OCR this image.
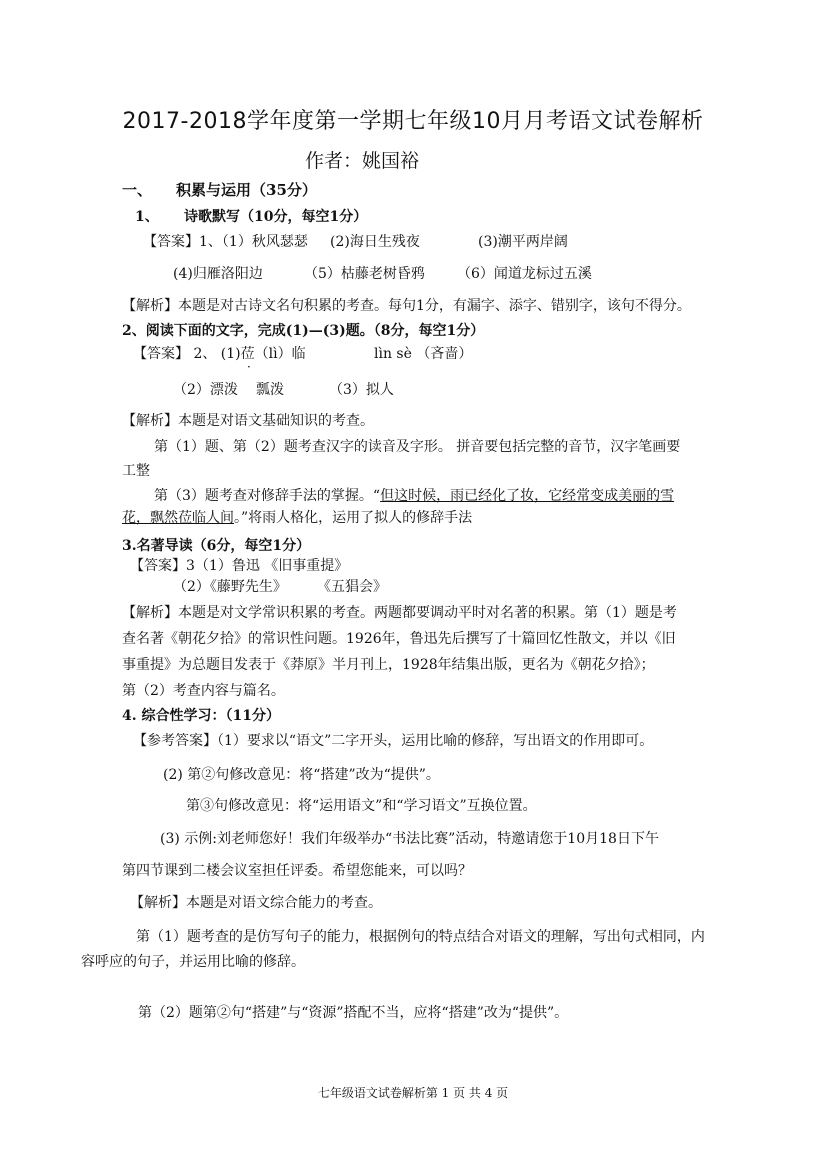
2017-2018学年度第一学期七年级10月月考语文试卷解析
作者：姚国裕
一、 积累与运用（35分）
1、 诗歌默写（10分，每空1分）
【答案】1、（1）秋风瑟瑟 (2)海日生残夜	(3)潮平两岸阔
(4)归雁洛阳边	（5）枯藤老树昏鸦 （6）闻道龙标过五溪
【解析】本题是对古诗文名句积累的考查。每句1分，有漏字、添字、错别字，该句不得分。
2、阅读下面的文字，完成(1)—(3)题。（8分，每空1分）
【答案】 2、 (1)莅（lì）临	lìn sè （吝啬）
（2）漂泼 瓢泼	（3）拟人
【解析】本题是对语文基础知识的考查。
第（1）题、第（2）题考查汉字的读音及字形。 拼音要包括完整的音节，汉字笔画要
工整
第（3）题考查对修辞手法的掌握。“但这时候，雨已经化了妆，它经常变成美丽的雪
花，飘然莅临人间。”将雨人格化，运用了拟人的修辞手法
3.名著导读（6分，每空1分）
【答案】3（1）鲁迅 《旧事重提》
（2）《藤野先生》 《五猖会》
【解析】本题是对文学常识积累的考查。两题都要调动平时对名著的积累。第（1）题是考
查名著《朝花夕拾》的常识性问题。1926年，鲁迅先后撰写了十篇回忆性散文，并以《旧
事重提》为总题目发表于《莽原》半月刊上，1928年结集出版，更名为《朝花夕拾》；
第（2）考查内容与篇名。
4. 综合性学习：（11分）
【参考答案】（1）要求以“语文”二字开头，运用比喻的修辞，写出语文的作用即可。
(2) 第②句修改意见：将“搭建”改为“提供”。
第③句修改意见：将“运用语文”和“学习语文”互换位置。
(3) 示例:刘老师您好！我们年级举办“书法比赛”活动，特邀请您于10月18日下午
第四节课到二楼会议室担任评委。希望您能来，可以吗？
【解析】本题是对语文综合能力的考查。
第（1）题考查的是仿写句子的能力，根据例句的特点结合对语文的理解，写出句式相同，内
容呼应的句子，并运用比喻的修辞。
第（2）题第②句“搭建”与“资源”搭配不当，应将“搭建”改为“提供”。
七年级语文试卷解析第 1 页 共 4 页
